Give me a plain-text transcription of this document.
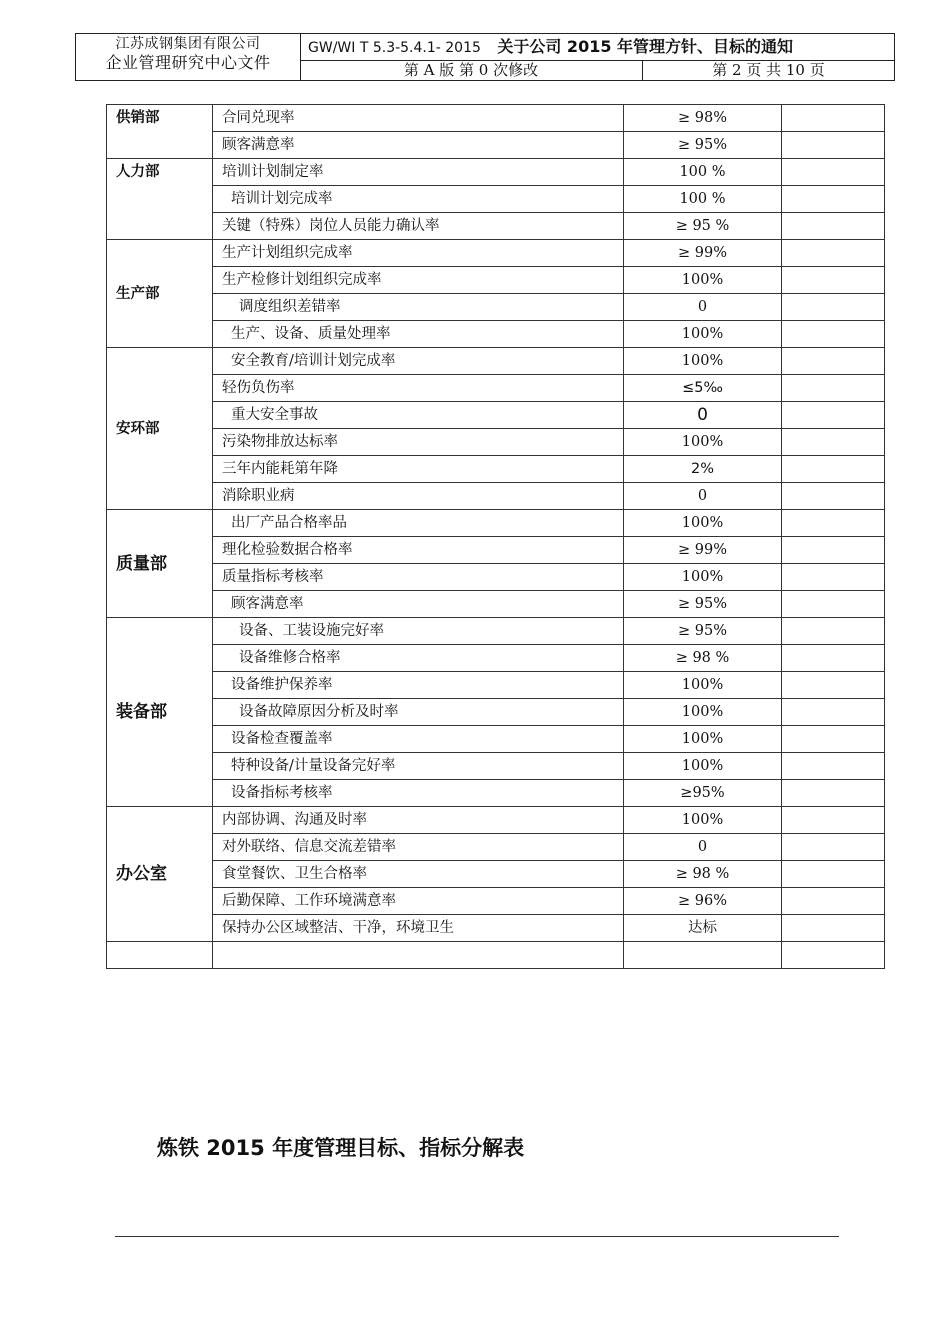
江苏成钢集团有限公司
企业管理研究中心文件
GW/WI T 5.3-5.4.1- 2015 关于公司 2015 年管理方针、目标的通知
第 A 版 第 0 次修改	第 2 页 共 10 页
供销部	合同兑现率	≥ 98%	
	顾客满意率	≥ 95%	
人力部	培训计划制定率	100 %	
	培训计划完成率	100 %	
	关键（特殊）岗位人员能力确认率	≥ 95 %	
生产部	生产计划组织完成率	≥ 99%	
	生产检修计划组织完成率	100%	
	调度组织差错率	0	
	生产、设备、质量处理率	100%	
安环部	安全教育/培训计划完成率	100%	
	轻伤负伤率	≤5‰	
	重大安全事故	0	
	污染物排放达标率	100%	
	三年内能耗第年降	2%	
	消除职业病	0	
质量部	出厂产品合格率品	100%	
	理化检验数据合格率	≥ 99%	
	质量指标考核率	100%	
	顾客满意率	≥ 95%	
装备部	设备、工装设施完好率	≥ 95%	
	设备维修合格率	≥ 98 %	
	设备维护保养率	100%	
	设备故障原因分析及时率	100%	
	设备检查覆盖率	100%	
	特种设备/计量设备完好率	100%	
	设备指标考核率	≥95%	
办公室	内部协调、沟通及时率	100%	
	对外联络、信息交流差错率	0	
	食堂餐饮、卫生合格率	≥ 98 %	
	后勤保障、工作环境满意率	≥ 96%	
	保持办公区域整洁、干净，环境卫生	达标	

炼铁 2015 年度管理目标、指标分解表
